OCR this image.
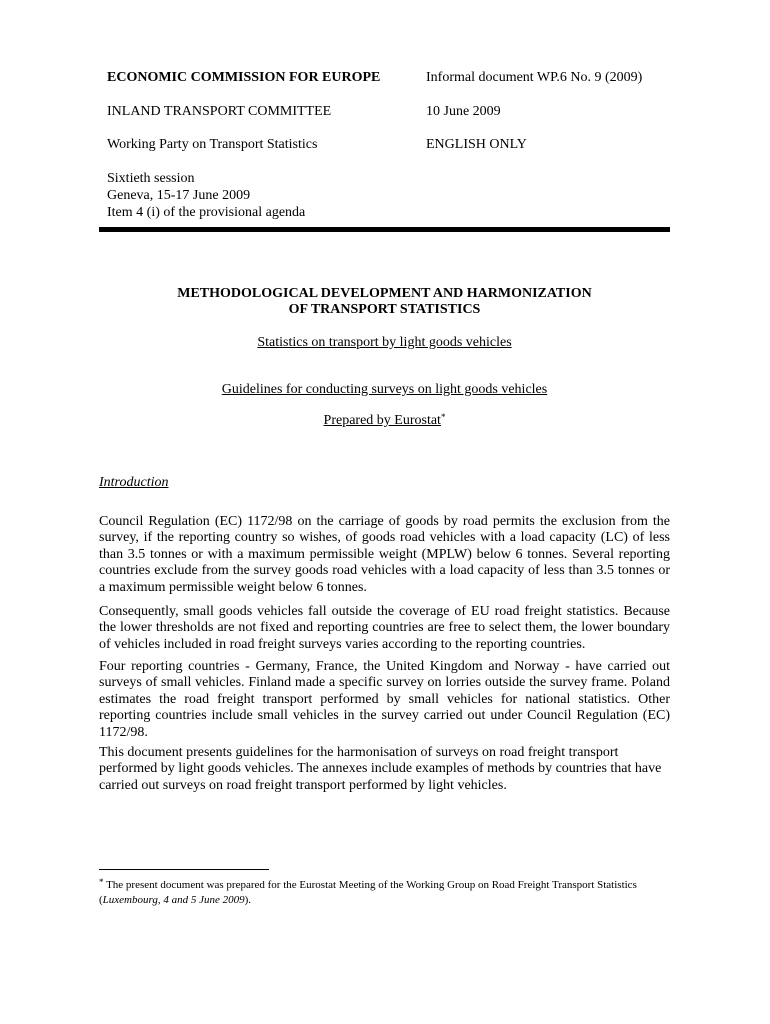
ECONOMIC COMMISSION FOR EUROPE	Informal document WP.6 No. 9 (2009)
INLAND TRANSPORT COMMITTEE	10 June 2009
Working Party on Transport Statistics	ENGLISH ONLY
Sixtieth session
Geneva, 15-17 June 2009
Item 4 (i) of the provisional agenda
METHODOLOGICAL DEVELOPMENT AND HARMONIZATION
OF TRANSPORT STATISTICS
Statistics on transport by light goods vehicles
Guidelines for conducting surveys on light goods vehicles
Prepared by Eurostat*
Introduction
Council Regulation (EC) 1172/98 on the carriage of goods by road permits the exclusion from the survey, if the reporting country so wishes, of goods road vehicles with a load capacity (LC) of less than 3.5 tonnes or with a maximum permissible weight (MPLW) below 6 tonnes. Several reporting countries exclude from the survey goods road vehicles with a load capacity of less than 3.5 tonnes or a maximum permissible weight below 6 tonnes.
Consequently, small goods vehicles fall outside the coverage of EU road freight statistics. Because the lower thresholds are not fixed and reporting countries are free to select them, the lower boundary of vehicles included in road freight surveys varies according to the reporting countries.
Four reporting countries - Germany, France, the United Kingdom and Norway - have carried out surveys of small vehicles. Finland made a specific survey on lorries outside the survey frame. Poland estimates the road freight transport performed by small vehicles for national statistics. Other reporting countries include small vehicles in the survey carried out under Council Regulation (EC) 1172/98.
This document presents guidelines for the harmonisation of surveys on road freight transport performed by light goods vehicles. The annexes include examples of methods by countries that have carried out surveys on road freight transport performed by light vehicles.
* The present document was prepared for the Eurostat Meeting of the Working Group on Road Freight Transport Statistics (Luxembourg, 4 and 5 June 2009).
